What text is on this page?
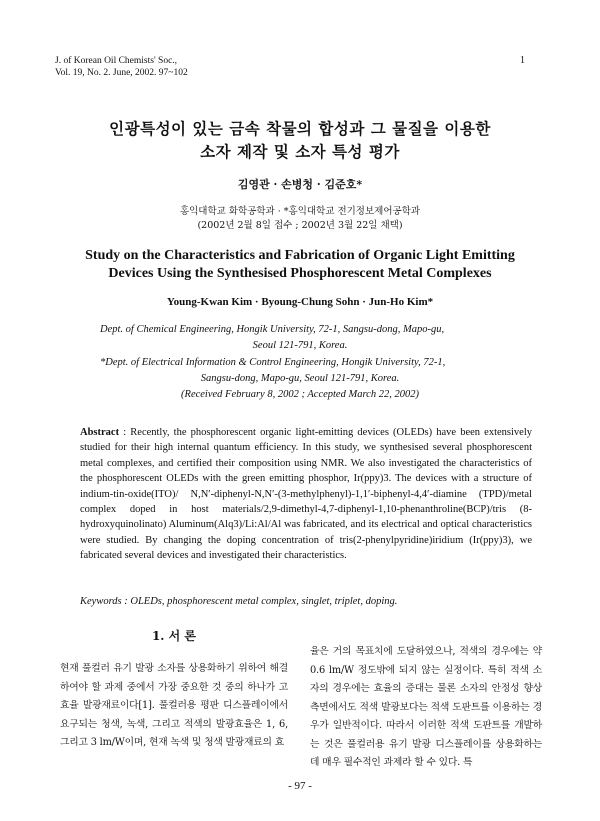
J. of Korean Oil Chemists' Soc.,
Vol. 19, No. 2. June, 2002. 97~102
1
인광특성이 있는 금속 착물의 합성과 그 물질을 이용한
소자 제작 및 소자 특성 평가
김영관 · 손병청 · 김준호*
홍익대학교 화학공학과 · *홍익대학교 전기정보제어공학과
(2002년 2월 8일 접수 ; 2002년 3월 22일 채택)
Study on the Characteristics and Fabrication of Organic Light Emitting
Devices Using the Synthesised Phosphorescent Metal Complexes
Young-Kwan Kim · Byoung-Chung Sohn · Jun-Ho Kim*
Dept. of Chemical Engineering, Hongik University, 72-1, Sangsu-dong, Mapo-gu,
Seoul 121-791, Korea.
*Dept. of Electrical Information & Control Engineering, Hongik University, 72-1,
Sangsu-dong, Mapo-gu, Seoul 121-791, Korea.
(Received February 8, 2002 ; Accepted March 22, 2002)
Abstract : Recently, the phosphorescent organic light-emitting devices (OLEDs) have been extensively studied for their high internal quantum efficiency. In this study, we synthesised several phosphorescent metal complexes, and certified their composition using NMR. We also investigated the characteristics of the phosphorescent OLEDs with the green emitting phosphor, Ir(ppy)3. The devices with a structure of indium-tin-oxide(ITO)/ N,N′-diphenyl-N,N′-(3-methylphenyl)-1,1′-biphenyl-4,4′-diamine (TPD)/metal complex doped in host materials/2,9-dimethyl-4,7-diphenyl-1,10-phenanthroline(BCP)/tris (8-hydroxyquinolinato) Aluminum(Alq3)/Li:Al/Al was fabricated, and its electrical and optical characteristics were studied. By changing the doping concentration of tris(2-phenylpyridine)iridium (Ir(ppy)3), we fabricated several devices and investigated their characteristics.
Keywords : OLEDs, phosphorescent metal complex, singlet, triplet, doping.
1. 서 론
현재 풀컬러 유기 발광 소자를 상용화하기 위하여 해결하여야 할 과제 중에서 가장 중요한 것 중의 하나가 고효율 발광재료이다[1]. 풀컬러용 평판 디스플레이에서 요구되는 청색, 녹색, 그리고 적색의 발광효율은 1, 6, 그리고 3 lm/W이며, 현재 녹색 및 청색 발광재료의 효
율은 거의 목표치에 도달하였으나, 적색의 경우에는 약 0.6 lm/W 정도밖에 되지 않는 실정이다. 특히 적색 소자의 경우에는 효율의 증대는 물론 소자의 안정성 향상 측면에서도 적색 발광보다는 적색 도판트를 이용하는 경우가 일반적이다. 따라서 이러한 적색 도판트를 개발하는 것은 풀컬러용 유기 발광 디스플레이를 상용화하는 데 매우 필수적인 과제라 할 수 있다. 특
- 97 -
